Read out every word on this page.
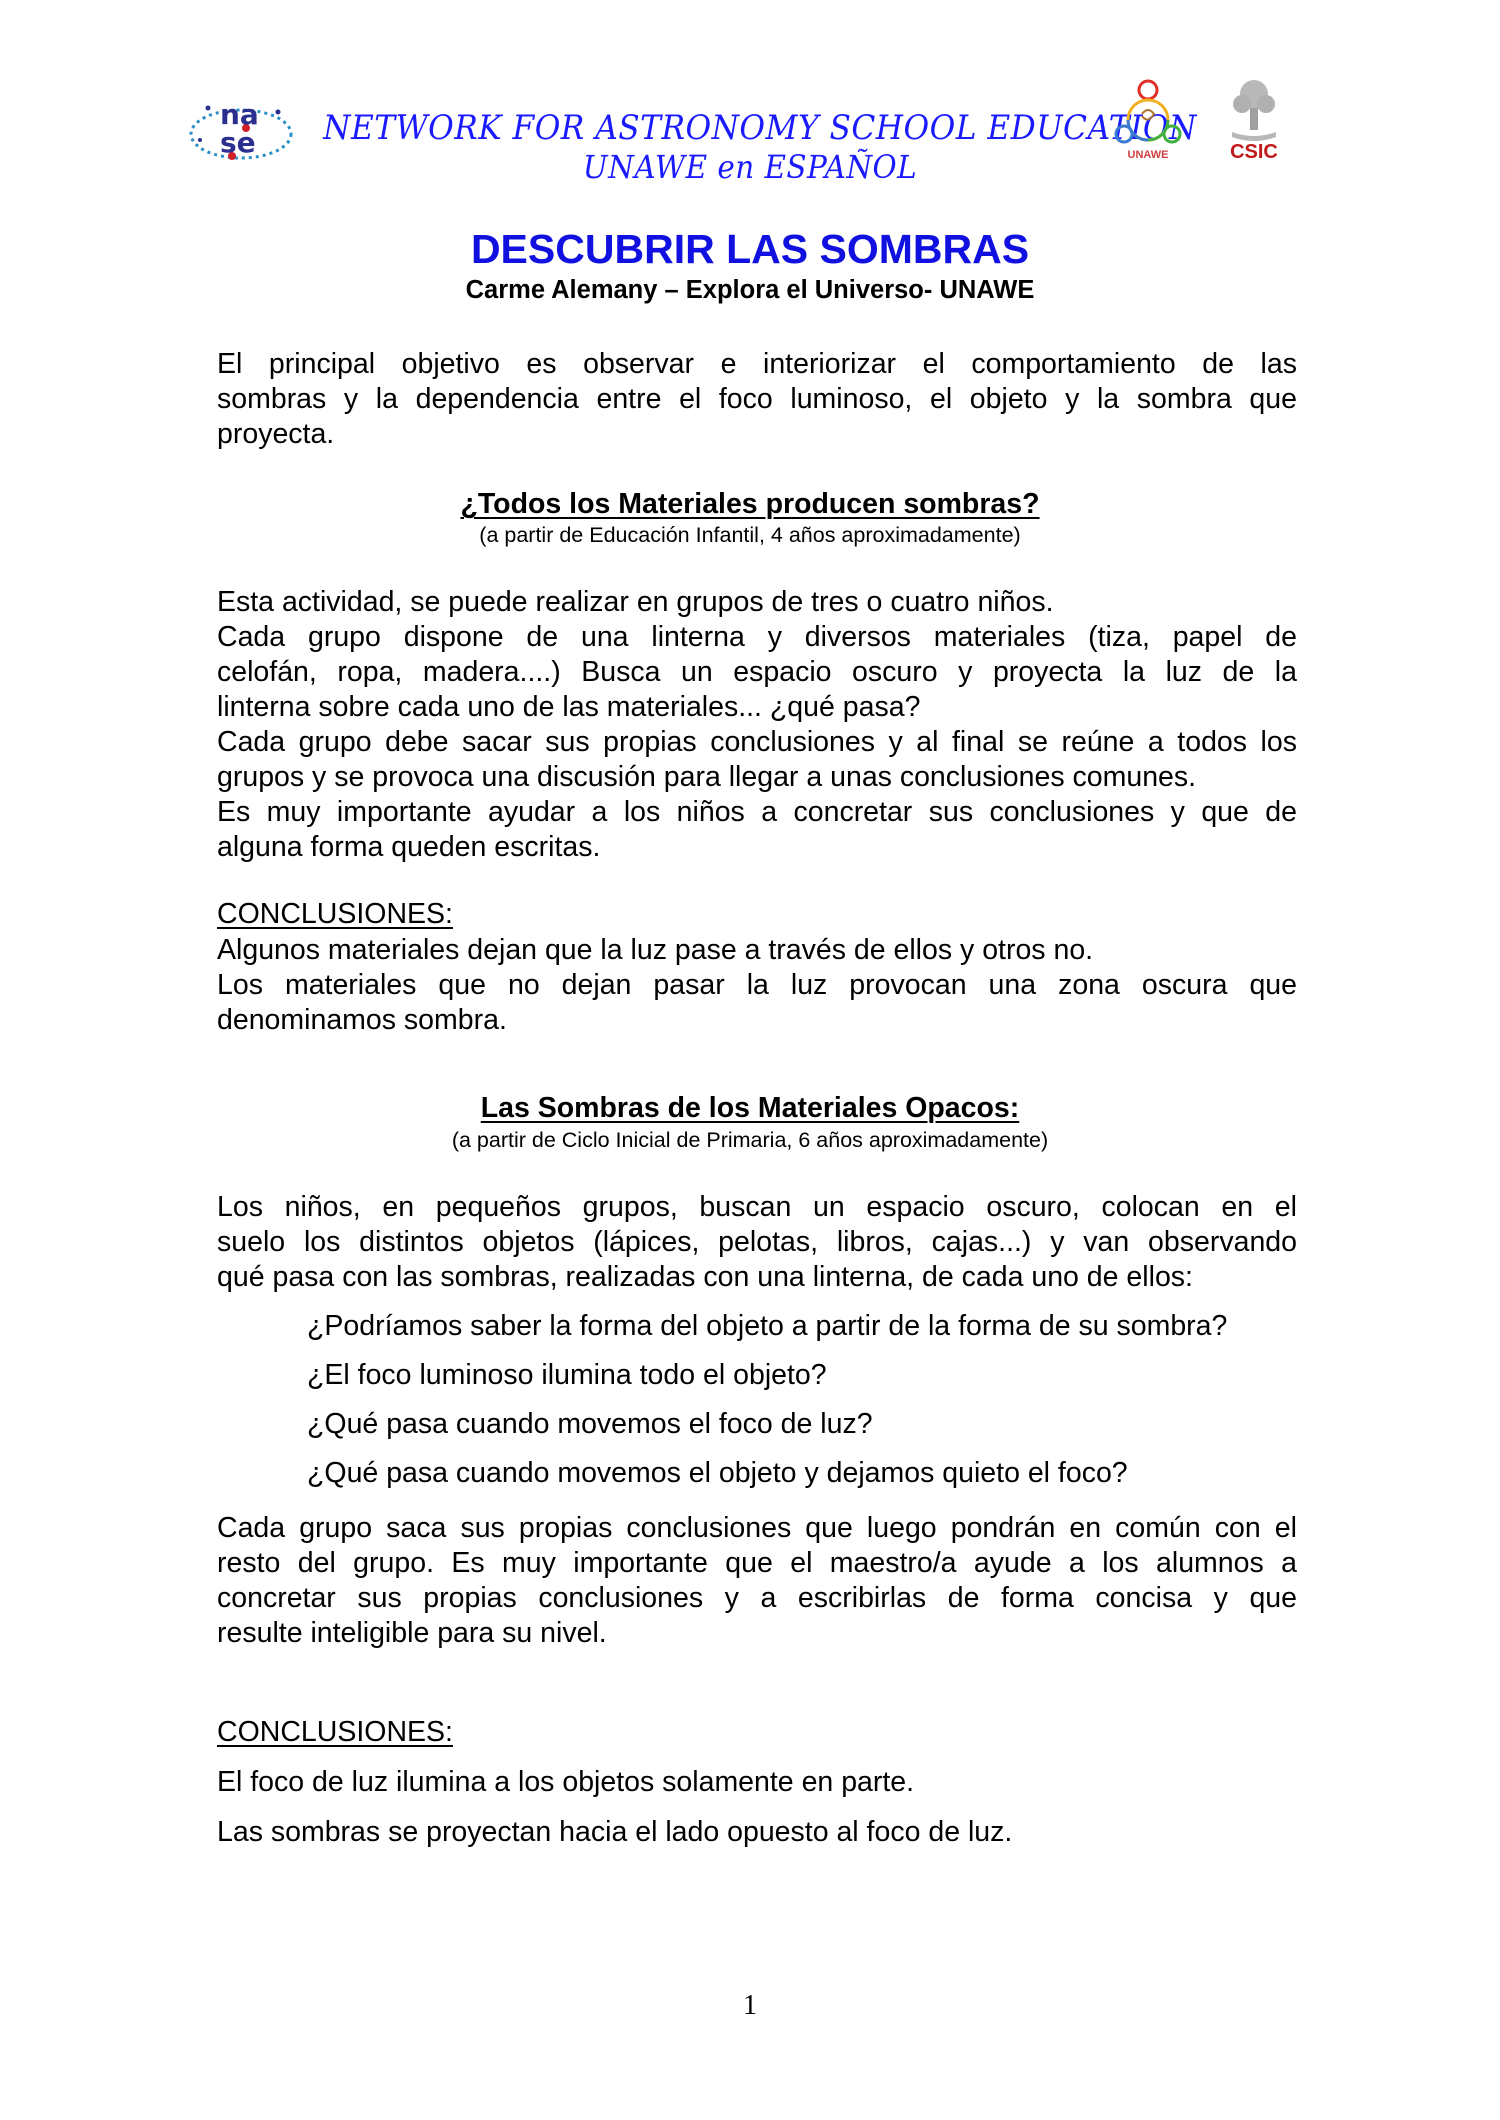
na
se	NETWORK FOR ASTRONOMY SCHOOL EDUCATION
UNAWE en ESPAÑOL	UNAWE	CSIC
DESCUBRIR LAS SOMBRAS
Carme Alemany – Explora el Universo- UNAWE
El principal objetivo es observar e interiorizar el comportamiento de las
sombras y la dependencia entre el foco luminoso, el objeto y la sombra que
proyecta.
¿Todos los Materiales producen sombras?
(a partir de Educación Infantil, 4 años aproximadamente)
Esta actividad, se puede realizar en grupos de tres o cuatro niños.
Cada grupo dispone de una linterna y diversos materiales (tiza, papel de
celofán, ropa, madera....) Busca un espacio oscuro y proyecta la luz de la
linterna sobre cada uno de las materiales... ¿qué pasa?
Cada grupo debe sacar sus propias conclusiones y al final se reúne a todos los
grupos y se provoca una discusión para llegar a unas conclusiones comunes.
Es muy importante ayudar a los niños a concretar sus conclusiones y que de
alguna forma queden escritas.
CONCLUSIONES:
Algunos materiales dejan que la luz pase a través de ellos y otros no.
Los materiales que no dejan pasar la luz provocan una zona oscura que
denominamos sombra.
Las Sombras de los Materiales Opacos:
(a partir de Ciclo Inicial de Primaria, 6 años aproximadamente)
Los niños, en pequeños grupos, buscan un espacio oscuro, colocan en el
suelo los distintos objetos (lápices, pelotas, libros, cajas...) y van observando
qué pasa con las sombras, realizadas con una linterna, de cada uno de ellos:
¿Podríamos saber la forma del objeto a partir de la forma de su sombra?
¿El foco luminoso ilumina todo el objeto?
¿Qué pasa cuando movemos el foco de luz?
¿Qué pasa cuando movemos el objeto y dejamos quieto el foco?
Cada grupo saca sus propias conclusiones que luego pondrán en común con el
resto del grupo. Es muy importante que el maestro/a ayude a los alumnos a
concretar sus propias conclusiones y a escribirlas de forma concisa y que
resulte inteligible para su nivel.
CONCLUSIONES:
El foco de luz ilumina a los objetos solamente en parte.
Las sombras se proyectan hacia el lado opuesto al foco de luz.
1
